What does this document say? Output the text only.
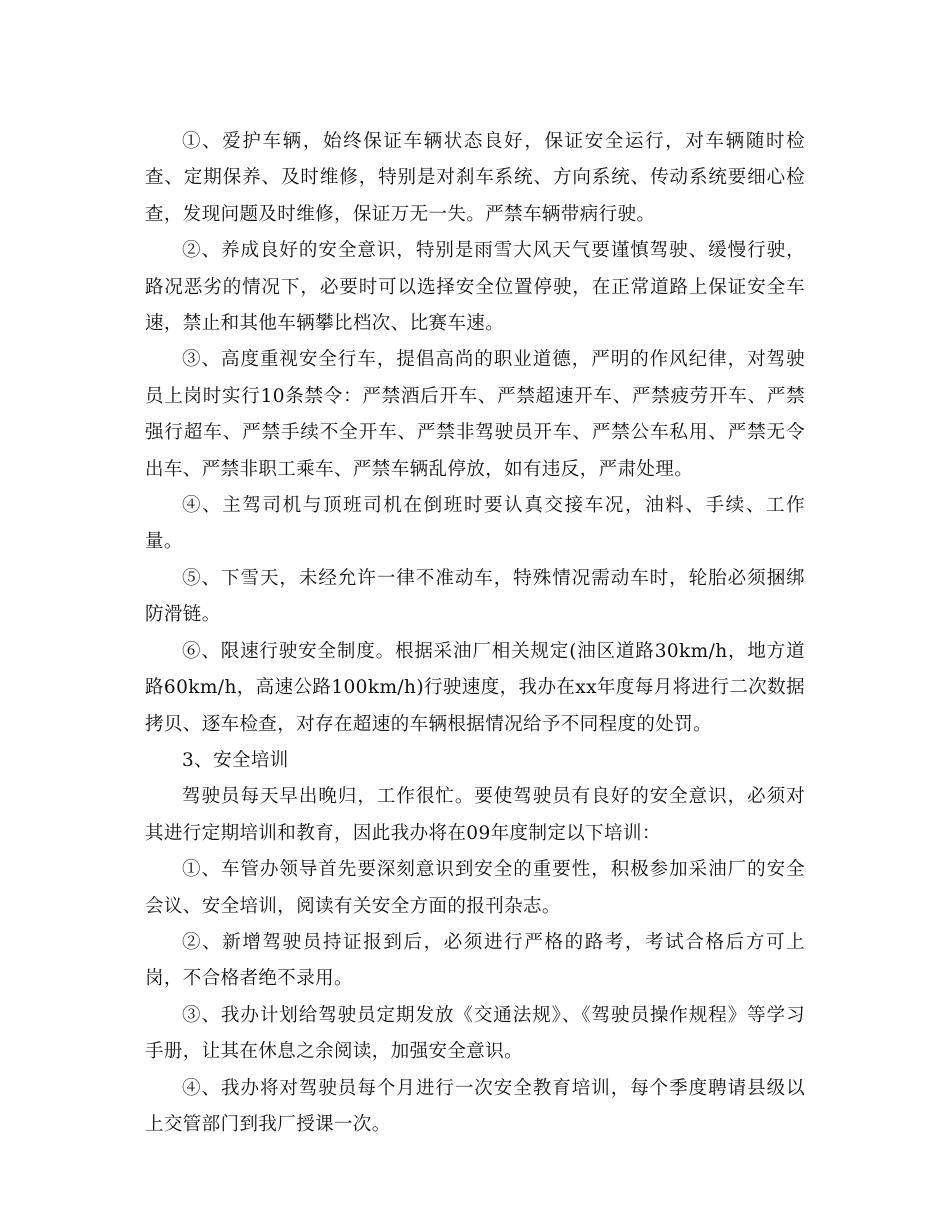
①、爱护车辆，始终保证车辆状态良好，保证安全运行，对车辆随时检查、定期保养、及时维修，特别是对刹车系统、方向系统、传动系统要细心检查，发现问题及时维修，保证万无一失。严禁车辆带病行驶。

②、养成良好的安全意识，特别是雨雪大风天气要谨慎驾驶、缓慢行驶，路况恶劣的情况下，必要时可以选择安全位置停驶，在正常道路上保证安全车速，禁止和其他车辆攀比档次、比赛车速。

③、高度重视安全行车，提倡高尚的职业道德，严明的作风纪律，对驾驶员上岗时实行10条禁令：严禁酒后开车、严禁超速开车、严禁疲劳开车、严禁强行超车、严禁手续不全开车、严禁非驾驶员开车、严禁公车私用、严禁无令出车、严禁非职工乘车、严禁车辆乱停放，如有违反，严肃处理。

④、主驾司机与顶班司机在倒班时要认真交接车况，油料、手续、工作量。

⑤、下雪天，未经允许一律不准动车，特殊情况需动车时，轮胎必须捆绑防滑链。

⑥、限速行驶安全制度。根据采油厂相关规定(油区道路30km/h，地方道路60km/h，高速公路100km/h)行驶速度，我办在xx年度每月将进行二次数据拷贝、逐车检查，对存在超速的车辆根据情况给予不同程度的处罚。

3、安全培训

驾驶员每天早出晚归，工作很忙。要使驾驶员有良好的安全意识，必须对其进行定期培训和教育，因此我办将在09年度制定以下培训：

①、车管办领导首先要深刻意识到安全的重要性，积极参加采油厂的安全会议、安全培训，阅读有关安全方面的报刊杂志。

②、新增驾驶员持证报到后，必须进行严格的路考，考试合格后方可上岗，不合格者绝不录用。

③、我办计划给驾驶员定期发放《交通法规》、《驾驶员操作规程》等学习手册，让其在休息之余阅读，加强安全意识。

④、我办将对驾驶员每个月进行一次安全教育培训，每个季度聘请县级以上交管部门到我厂授课一次。
